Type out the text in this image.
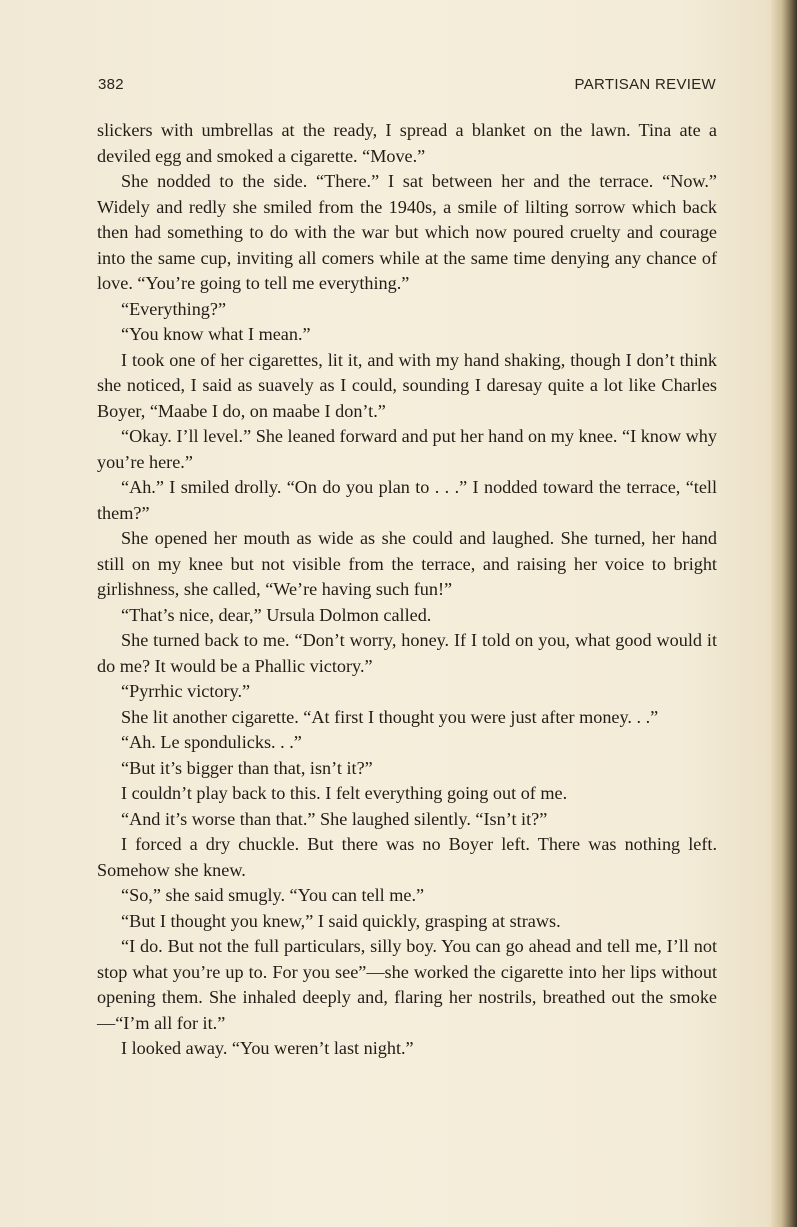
382	PARTISAN REVIEW

slickers with umbrellas at the ready, I spread a blanket on the lawn. Tina ate a deviled egg and smoked a cigarette. “Move.”

She nodded to the side. “There.” I sat between her and the terrace. “Now.” Widely and redly she smiled from the 1940s, a smile of lilting sorrow which back then had something to do with the war but which now poured cruelty and courage into the same cup, inviting all comers while at the same time denying any chance of love. “You’re going to tell me everything.”

“Everything?”

“You know what I mean.”

I took one of her cigarettes, lit it, and with my hand shaking, though I don’t think she noticed, I said as suavely as I could, sounding I daresay quite a lot like Charles Boyer, “Maabe I do, on maabe I don’t.”

“Okay. I’ll level.” She leaned forward and put her hand on my knee. “I know why you’re here.”

“Ah.” I smiled drolly. “On do you plan to . . .” I nodded toward the terrace, “tell them?”

She opened her mouth as wide as she could and laughed. She turned, her hand still on my knee but not visible from the terrace, and raising her voice to bright girlishness, she called, “We’re having such fun!”

“That’s nice, dear,” Ursula Dolmon called.

She turned back to me. “Don’t worry, honey. If I told on you, what good would it do me? It would be a Phallic victory.”

“Pyrrhic victory.”

She lit another cigarette. “At first I thought you were just after money. . .”

“Ah. Le spondulicks. . .”

“But it’s bigger than that, isn’t it?”

I couldn’t play back to this. I felt everything going out of me.

“And it’s worse than that.” She laughed silently. “Isn’t it?”

I forced a dry chuckle. But there was no Boyer left. There was nothing left. Somehow she knew.

“So,” she said smugly. “You can tell me.”

“But I thought you knew,” I said quickly, grasping at straws.

“I do. But not the full particulars, silly boy. You can go ahead and tell me, I’ll not stop what you’re up to. For you see”—she worked the cigarette into her lips without opening them. She inhaled deeply and, flaring her nostrils, breathed out the smoke—“I’m all for it.”

I looked away. “You weren’t last night.”
